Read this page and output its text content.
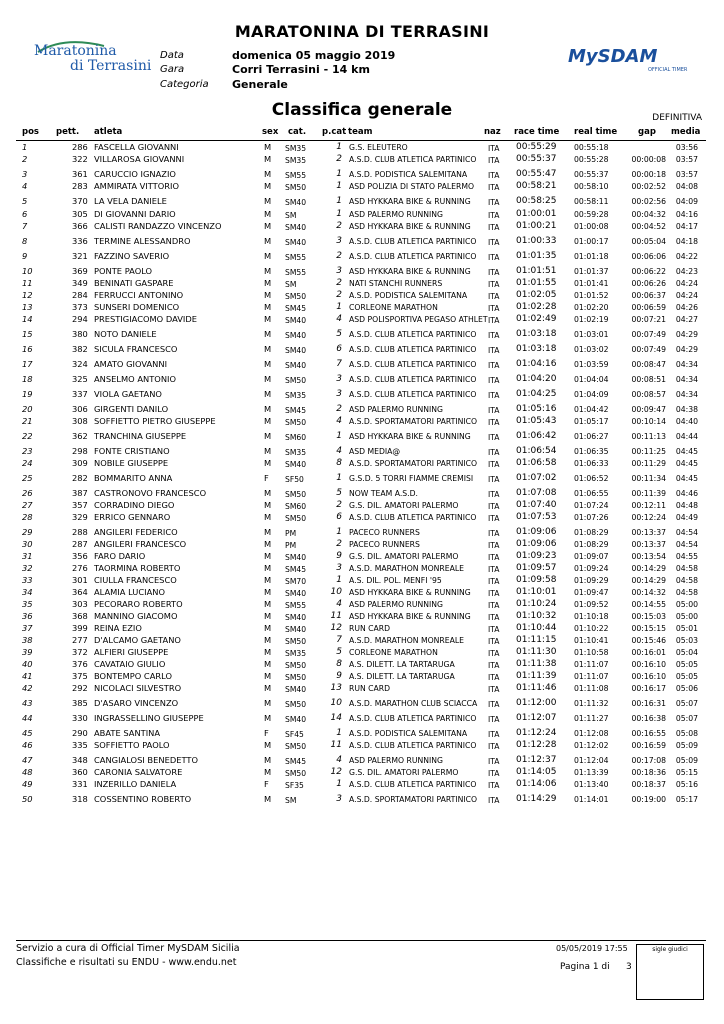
MARATONINA DI TERRASINI
Maratonina
di Terrasini
Data	domenica 05 maggio 2019
Gara	Corri Terrasini - 14 km
Categoria Generale
MySDAM
OFFICIAL TIMER
Classifica generale	DEFINITIVA
pos pett. atleta	sex cat. p.cat team	naz race time real time gap media
1	286 FASCELLA GIOVANNI	M SM35	1 G.S. ELEUTERO	ITA 00:55:29 00:55:18	03:56
2	322 VILLAROSA GIOVANNI	M SM35	2 A.S.D. CLUB ATLETICA PARTINICO	ITA 00:55:37 00:55:28	00:00:08	03:57
3	361 CARUCCIO IGNAZIO	M SM55	1 A.S.D. PODISTICA SALEMITANA	ITA 00:55:47 00:55:37	00:00:18	03:57
4	283 AMMIRATA VITTORIO	M SM50	1 ASD POLIZIA DI STATO PALERMO	ITA 00:58:21 00:58:10	00:02:52	04:08
5	370 LA VELA DANIELE	M SM40	1 ASD HYKKARA BIKE & RUNNING	ITA 00:58:25 00:58:11	00:02:56	04:09
6	305 DI GIOVANNI DARIO	M SM	1 ASD PALERMO RUNNING	ITA 01:00:01 00:59:28	00:04:32	04:16
7	366 CALISTI RANDAZZO VINCENZO	M SM40	2 ASD HYKKARA BIKE & RUNNING	ITA 01:00:21 01:00:08	00:04:52	04:17
8	336 TERMINE ALESSANDRO	M SM40	3 A.S.D. CLUB ATLETICA PARTINICO	ITA 01:00:33 01:00:17	00:05:04	04:18
9	321 FAZZINO SAVERIO	M SM55	2 A.S.D. CLUB ATLETICA PARTINICO	ITA 01:01:35 01:01:18	00:06:06	04:22
10	369 PONTE PAOLO	M SM55	3 ASD HYKKARA BIKE & RUNNING	ITA 01:01:51 01:01:37	00:06:22	04:23
11	349 BENINATI GASPARE	M SM	2 NATI STANCHI RUNNERS	ITA 01:01:55 01:01:41	00:06:26	04:24
12	284 FERRUCCI ANTONINO	M SM50	2 A.S.D. PODISTICA SALEMITANA	ITA 01:02:05 01:01:52	00:06:37	04:24
13	373 SUNSERI DOMENICO	M SM45	1 CORLEONE MARATHON	ITA 01:02:28 01:02:20	00:06:59	04:26
14	294 PRESTIGIACOMO DAVIDE	M SM40	4 ASD POLISPORTIVA PEGASO ATHLET ITA 01:02:49 01:02:19	00:07:21	04:27
15	380 NOTO DANIELE	M SM40	5 A.S.D. CLUB ATLETICA PARTINICO	ITA 01:03:18 01:03:01	00:07:49	04:29
16	382 SICULA FRANCESCO	M SM40	6 A.S.D. CLUB ATLETICA PARTINICO	ITA 01:03:18 01:03:02	00:07:49	04:29
17	324 AMATO GIOVANNI	M SM40	7 A.S.D. CLUB ATLETICA PARTINICO	ITA 01:04:16 01:03:59	00:08:47	04:34
18	325 ANSELMO ANTONIO	M SM50	3 A.S.D. CLUB ATLETICA PARTINICO	ITA 01:04:20 01:04:04	00:08:51	04:34
19	337 VIOLA GAETANO	M SM35	3 A.S.D. CLUB ATLETICA PARTINICO	ITA 01:04:25 01:04:09	00:08:57	04:34
20	306 GIRGENTI DANILO	M SM45	2 ASD PALERMO RUNNING	ITA 01:05:16 01:04:42	00:09:47	04:38
21	308 SOFFIETTO PIETRO GIUSEPPE	M SM50	4 A.S.D. SPORTAMATORI PARTINICO	ITA 01:05:43 01:05:17	00:10:14	04:40
22	362 TRANCHINA GIUSEPPE	M SM60	1 ASD HYKKARA BIKE & RUNNING	ITA 01:06:42 01:06:27	00:11:13	04:44
23	298 FONTE CRISTIANO	M SM35	4 ASD MEDIA@	ITA 01:06:54 01:06:35	00:11:25	04:45
24	309 NOBILE GIUSEPPE	M SM40	8 A.S.D. SPORTAMATORI PARTINICO	ITA 01:06:58 01:06:33	00:11:29	04:45
25	282 BOMMARITO ANNA	F SF50	1 G.S.D. 5 TORRI FIAMME CREMISI	ITA 01:07:02 01:06:52	00:11:34	04:45
26	387 CASTRONOVO FRANCESCO	M SM50	5 NOW TEAM A.S.D.	ITA 01:07:08 01:06:55	00:11:39	04:46
27	357 CORRADINO DIEGO	M SM60	2 G.S. DIL. AMATORI PALERMO	ITA 01:07:40 01:07:24	00:12:11	04:48
28	329 ERRICO GENNARO	M SM50	6 A.S.D. CLUB ATLETICA PARTINICO	ITA 01:07:53 01:07:26	00:12:24	04:49
29	288 ANGILERI FEDERICO	M PM	1 PACECO RUNNERS	ITA 01:09:06 01:08:29	00:13:37	04:54
30	287 ANGILERI FRANCESCO	M PM	2 PACECO RUNNERS	ITA 01:09:06 01:08:29	00:13:37	04:54
31	356 FARO DARIO	M SM40	9 G.S. DIL. AMATORI PALERMO	ITA 01:09:23 01:09:07	00:13:54	04:55
32	276 TAORMINA ROBERTO	M SM45	3 A.S.D. MARATHON MONREALE	ITA 01:09:57 01:09:24	00:14:29	04:58
33	301 CIULLA FRANCESCO	M SM70	1 A.S. DIL. POL. MENFI '95	ITA 01:09:58 01:09:29	00:14:29	04:58
34	364 ALAMIA LUCIANO	M SM40	10 ASD HYKKARA BIKE & RUNNING	ITA 01:10:01 01:09:47	00:14:32	04:58
35	303 PECORARO ROBERTO	M SM55	4 ASD PALERMO RUNNING	ITA 01:10:24 01:09:52	00:14:55	05:00
36	368 MANNINO GIACOMO	M SM40	11 ASD HYKKARA BIKE & RUNNING	ITA 01:10:32 01:10:18	00:15:03	05:00
37	399 REINA EZIO	M SM40	12 RUN CARD	ITA 01:10:44 01:10:22	00:15:15	05:01
38	277 D'ALCAMO GAETANO	M SM50	7 A.S.D. MARATHON MONREALE	ITA 01:11:15 01:10:41	00:15:46	05:03
39	372 ALFIERI GIUSEPPE	M SM35	5 CORLEONE MARATHON	ITA 01:11:30 01:10:58	00:16:01	05:04
40	376 CAVATAIO GIULIO	M SM50	8 A.S. DILETT. LA TARTARUGA	ITA 01:11:38 01:11:07	00:16:10	05:05
41	375 BONTEMPO CARLO	M SM50	9 A.S. DILETT. LA TARTARUGA	ITA 01:11:39 01:11:07	00:16:10	05:05
42	292 NICOLACI SILVESTRO	M SM40	13 RUN CARD	ITA 01:11:46 01:11:08	00:16:17	05:06
43	385 D'ASARO VINCENZO	M SM50	10 A.S.D. MARATHON CLUB SCIACCA	ITA 01:12:00 01:11:32	00:16:31	05:07
44	330 INGRASSELLINO GIUSEPPE	M SM40	14 A.S.D. CLUB ATLETICA PARTINICO	ITA 01:12:07 01:11:27	00:16:38	05:07
45	290 ABATE SANTINA	F SF45	1 A.S.D. PODISTICA SALEMITANA	ITA 01:12:24 01:12:08	00:16:55	05:08
46	335 SOFFIETTO PAOLO	M SM50	11 A.S.D. CLUB ATLETICA PARTINICO	ITA 01:12:28 01:12:02	00:16:59	05:09
47	348 CANGIALOSI BENEDETTO	M SM45	4 ASD PALERMO RUNNING	ITA 01:12:37 01:12:04	00:17:08	05:09
48	360 CARONIA SALVATORE	M SM50	12 G.S. DIL. AMATORI PALERMO	ITA 01:14:05 01:13:39	00:18:36	05:15
49	331 INZERILLO DANIELA	F SF35	1 A.S.D. CLUB ATLETICA PARTINICO	ITA 01:14:06 01:13:40	00:18:37	05:16
50	318 COSSENTINO ROBERTO	M SM	3 A.S.D. SPORTAMATORI PARTINICO	ITA 01:14:29 01:14:01	00:19:00	05:17
Servizio a cura di Official Timer MySDAM Sicilia
Classifiche e risultati su ENDU - www.endu.net
05/05/2019 17:55
Pagina 1 di 3
sigle giudici
